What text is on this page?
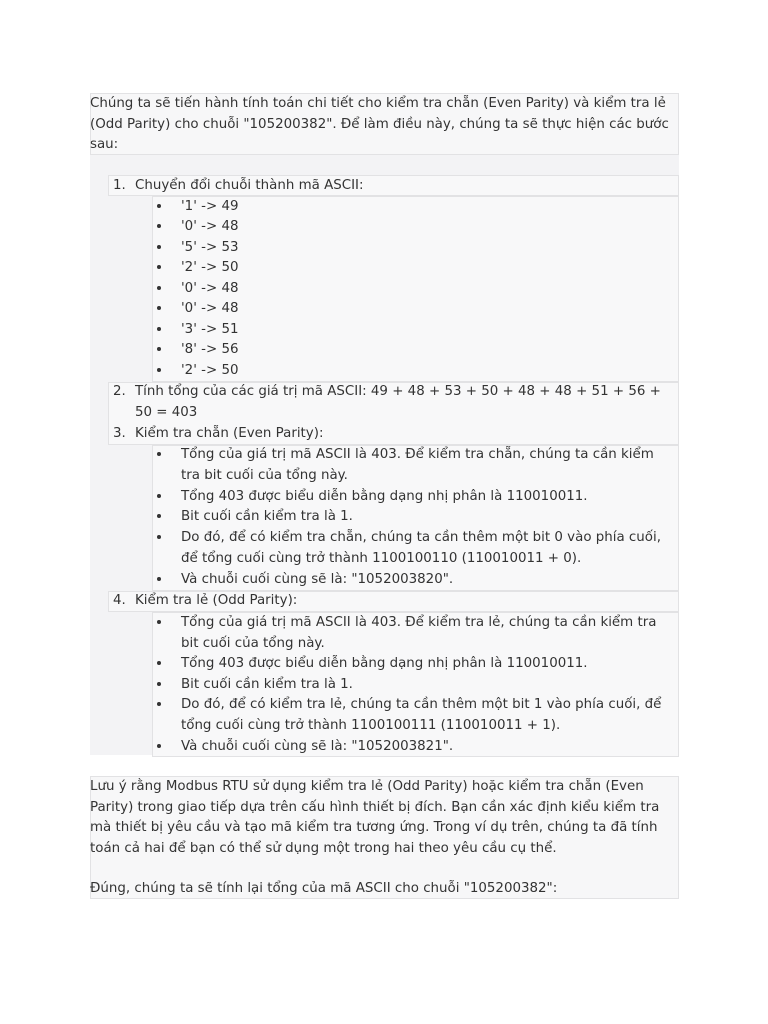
Chúng ta sẽ tiến hành tính toán chi tiết cho kiểm tra chẵn (Even Parity) và kiểm tra lẻ (Odd Parity) cho chuỗi "105200382". Để làm điều này, chúng ta sẽ thực hiện các bước sau:

1. Chuyển đổi chuỗi thành mã ASCII:
'1' -> 49
'0' -> 48
'5' -> 53
'2' -> 50
'0' -> 48
'0' -> 48
'3' -> 51
'8' -> 56
'2' -> 50
2. Tính tổng của các giá trị mã ASCII: 49 + 48 + 53 + 50 + 48 + 48 + 51 + 56 + 50 = 403
3. Kiểm tra chẵn (Even Parity):
Tổng của giá trị mã ASCII là 403. Để kiểm tra chẵn, chúng ta cần kiểm tra bit cuối của tổng này.
Tổng 403 được biểu diễn bằng dạng nhị phân là 110010011.
Bit cuối cần kiểm tra là 1.
Do đó, để có kiểm tra chẵn, chúng ta cần thêm một bit 0 vào phía cuối, để tổng cuối cùng trở thành 1100100110 (110010011 + 0).
Và chuỗi cuối cùng sẽ là: "1052003820".
4. Kiểm tra lẻ (Odd Parity):
Tổng của giá trị mã ASCII là 403. Để kiểm tra lẻ, chúng ta cần kiểm tra bit cuối của tổng này.
Tổng 403 được biểu diễn bằng dạng nhị phân là 110010011.
Bit cuối cần kiểm tra là 1.
Do đó, để có kiểm tra lẻ, chúng ta cần thêm một bit 1 vào phía cuối, để tổng cuối cùng trở thành 1100100111 (110010011 + 1).
Và chuỗi cuối cùng sẽ là: "1052003821".

Lưu ý rằng Modbus RTU sử dụng kiểm tra lẻ (Odd Parity) hoặc kiểm tra chẵn (Even Parity) trong giao tiếp dựa trên cấu hình thiết bị đích. Bạn cần xác định kiểu kiểm tra mà thiết bị yêu cầu và tạo mã kiểm tra tương ứng. Trong ví dụ trên, chúng ta đã tính toán cả hai để bạn có thể sử dụng một trong hai theo yêu cầu cụ thể.

Đúng, chúng ta sẽ tính lại tổng của mã ASCII cho chuỗi "105200382":
